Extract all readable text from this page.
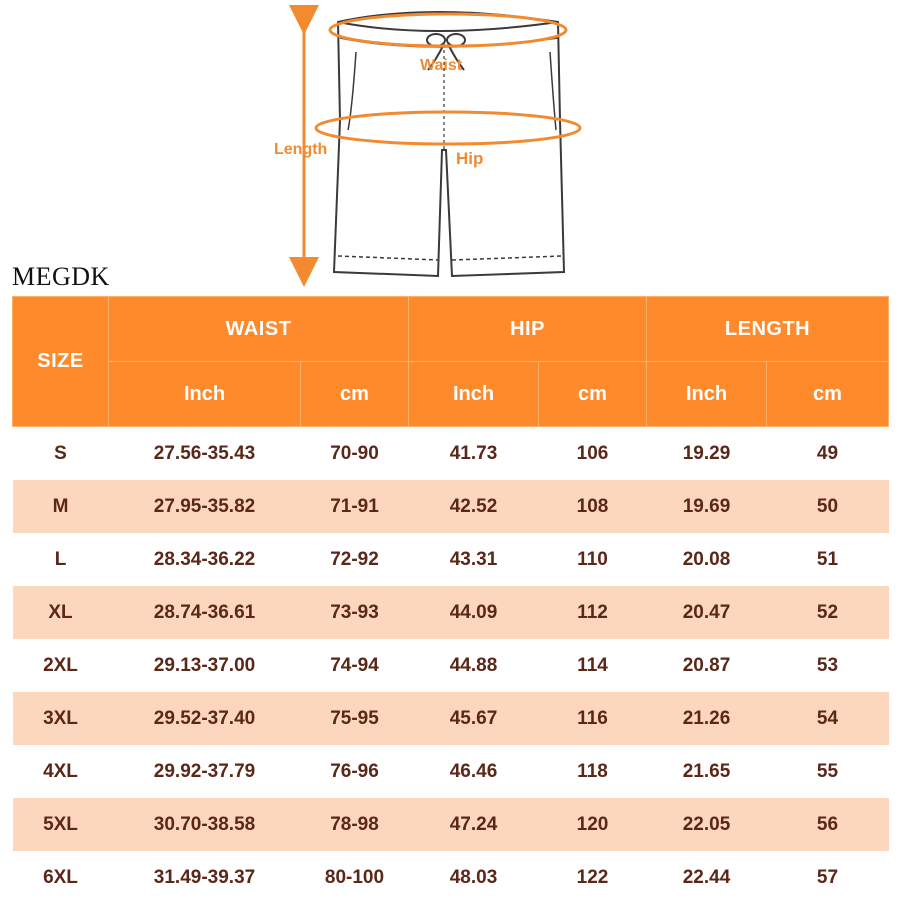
Waist
Hip
Length
MEGDK
SIZE	WAIST		HIP		LENGTH	
	Inch	cm	Inch	cm	Inch	cm
S	27.56-35.43	70-90	41.73	106	19.29	49
M	27.95-35.82	71-91	42.52	108	19.69	50
L	28.34-36.22	72-92	43.31	110	20.08	51
XL	28.74-36.61	73-93	44.09	112	20.47	52
2XL	29.13-37.00	74-94	44.88	114	20.87	53
3XL	29.52-37.40	75-95	45.67	116	21.26	54
4XL	29.92-37.79	76-96	46.46	118	21.65	55
5XL	30.70-38.58	78-98	47.24	120	22.05	56
6XL	31.49-39.37	80-100	48.03	122	22.44	57
